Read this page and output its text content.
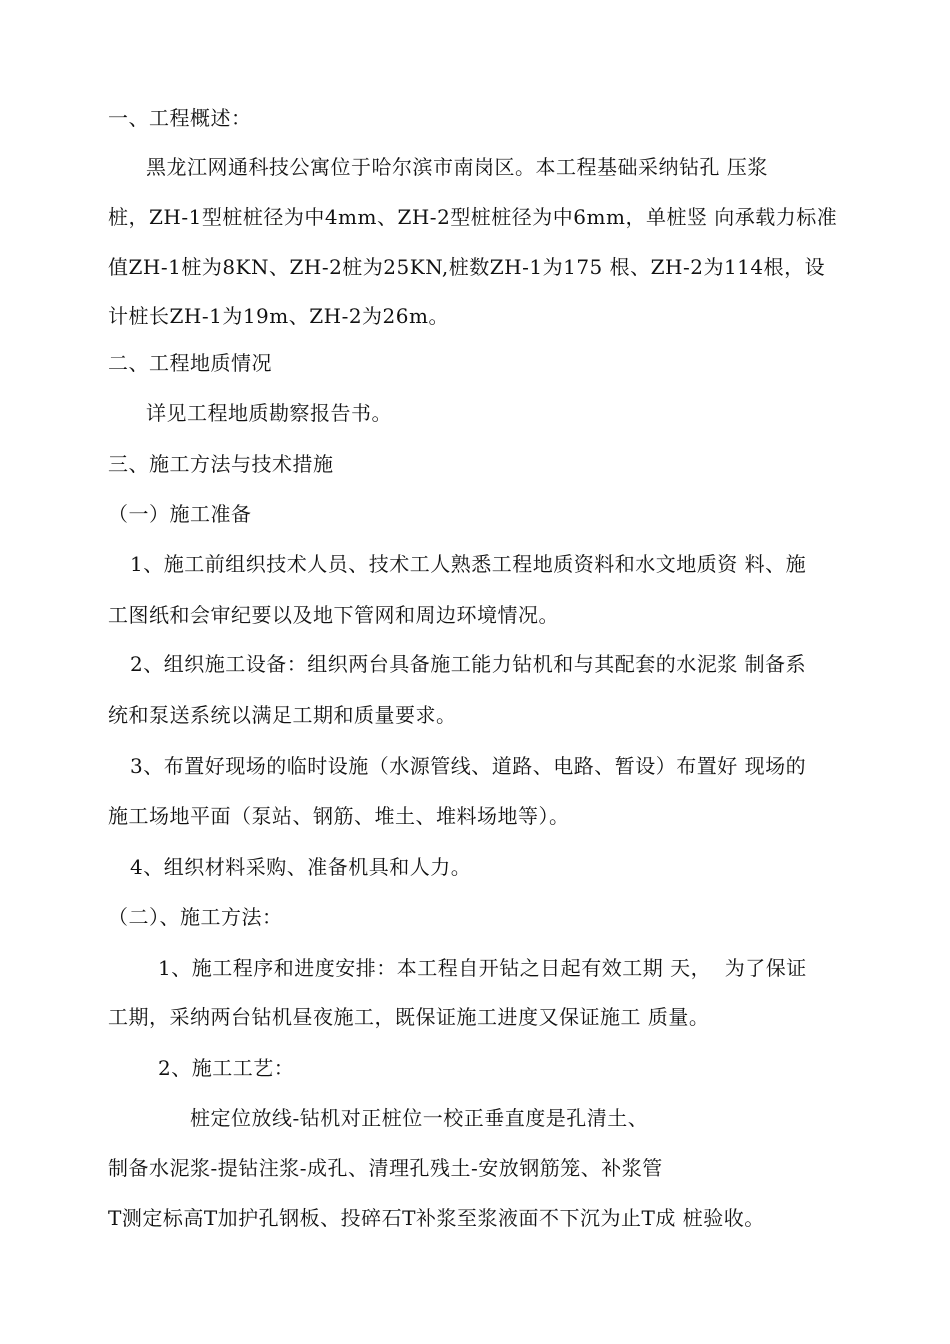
一、工程概述：
黑龙江网通科技公寓位于哈尔滨市南岗区。本工程基础采纳钻孔 压浆
桩，ZH-1型桩桩径为中4mm、ZH-2型桩桩径为中6mm，单桩竖 向承载力标准
值ZH-1桩为8KN、ZH-2桩为25KN,桩数ZH-1为175 根、ZH-2为114根，设
计桩长ZH-1为19m、ZH-2为26m。
二、工程地质情况
详见工程地质勘察报告书。
三、施工方法与技术措施
（一）施工准备
1、施工前组织技术人员、技术工人熟悉工程地质资料和水文地质资 料、施
工图纸和会审纪要以及地下管网和周边环境情况。
2、组织施工设备：组织两台具备施工能力钻机和与其配套的水泥浆 制备系
统和泵送系统以满足工期和质量要求。
3、布置好现场的临时设施（水源管线、道路、电路、暂设）布置好 现场的
施工场地平面（泵站、钢筋、堆土、堆料场地等）。
4、组织材料采购、准备机具和人力。
（二）、施工方法：
1、施工程序和进度安排：本工程自开钻之日起有效工期 天，  为了保证
工期，采纳两台钻机昼夜施工，既保证施工进度又保证施工 质量。
2、施工工艺：
桩定位放线-钻机对正桩位一校正垂直度是孔清土、
制备水泥浆-提钻注浆-成孔、清理孔残土-安放钢筋笼、补浆管
T测定标高T加护孔钢板、投碎石T补浆至浆液面不下沉为止T成 桩验收。
